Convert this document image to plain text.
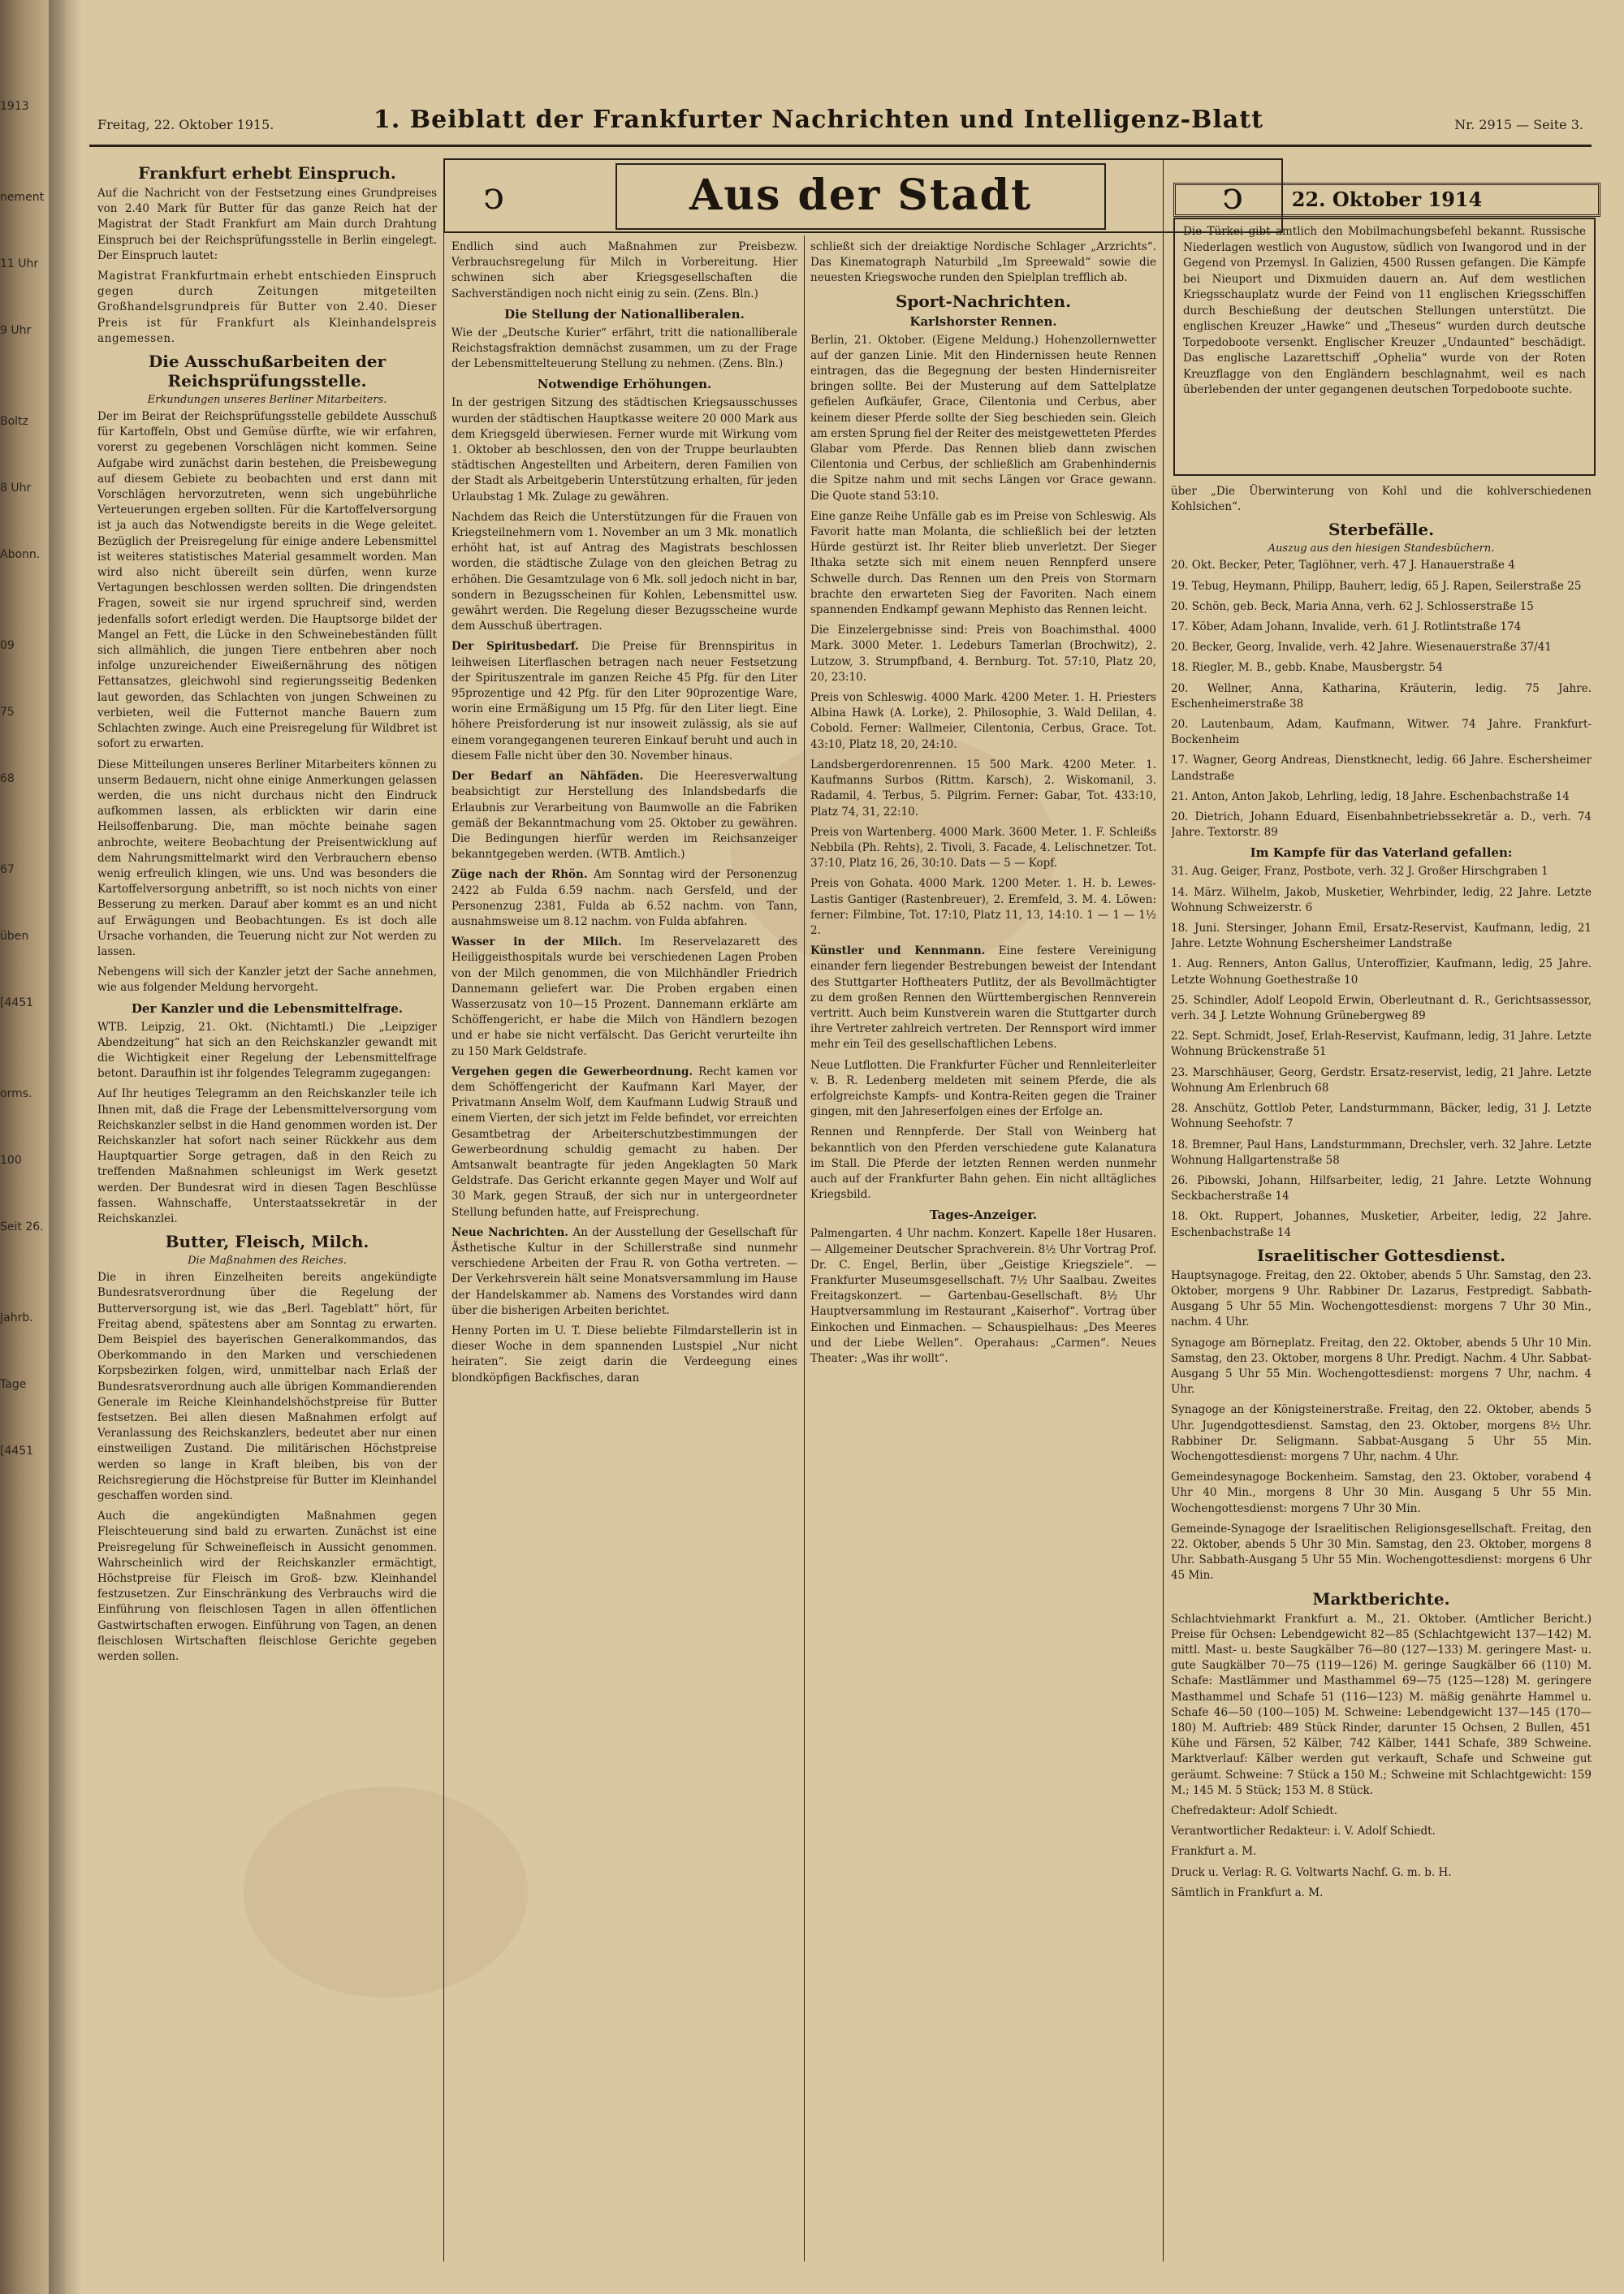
1913
nement
11 Uhr
9 Uhr
Boltz
8 Uhr
Abonn.
09
75
68
67
üben
[4451
orms.
100
Seit 26.
Jahrb.
Tage
[4451
Freitag, 22. Oktober 1915.	1. Beiblatt der Frankfurter Nachrichten und Intelligenz-Blatt	Nr. 2915 — Seite 3.
ↄ	Aus der Stadt	ↄ
Frankfurt erhebt Einspruch.

Auf die Nachricht von der Festsetzung eines Grundpreises von 2.40 Mark für Butter für das ganze Reich hat der Magistrat der Stadt Frankfurt am Main durch Drahtung Einspruch bei der Reichsprüfungsstelle in Berlin eingelegt. Der Einspruch lautet:

Magistrat Frankfurtmain erhebt entschieden Einspruch gegen durch Zeitungen mitgeteilten Großhandelsgrundpreis für Butter von 2.40. Dieser Preis ist für Frankfurt als Kleinhandelspreis angemessen.

Die Ausschußarbeiten der Reichsprüfungsstelle.
Erkundungen unseres Berliner Mitarbeiters.

Der im Beirat der Reichsprüfungsstelle gebildete Ausschuß für Kartoffeln, Obst und Gemüse dürfte, wie wir erfahren, vorerst zu gegebenen Vorschlägen nicht kommen. Seine Aufgabe wird zunächst darin bestehen, die Preisbewegung auf diesem Gebiete zu beobachten und erst dann mit Vorschlägen hervorzutreten, wenn sich ungebührliche Verteuerungen ergeben sollten. Für die Kartoffelversorgung ist ja auch das Notwendigste bereits in die Wege geleitet. Bezüglich der Preisregelung für einige andere Lebensmittel ist weiteres statistisches Material gesammelt worden. Man wird also nicht übereilt sein dürfen, wenn kurze Vertagungen beschlossen werden sollten. Die dringendsten Fragen, soweit sie nur irgend spruchreif sind, werden jedenfalls sofort erledigt werden. Die Hauptsorge bildet der Mangel an Fett, die Lücke in den Schweinebeständen füllt sich allmählich, die jungen Tiere entbehren aber noch infolge unzureichender Eiweißernährung des nötigen Fettansatzes, gleichwohl sind regierungsseitig Bedenken laut geworden, das Schlachten von jungen Schweinen zu verbieten, weil die Futternot manche Bauern zum Schlachten zwinge. Auch eine Preisregelung für Wildbret ist sofort zu erwarten.

Diese Mitteilungen unseres Berliner Mitarbeiters können zu unserm Bedauern, nicht ohne einige Anmerkungen gelassen werden, die uns nicht durchaus nicht den Eindruck aufkommen lassen, als erblickten wir darin eine Heilsoffenbarung. Die, man möchte beinahe sagen anbrochte, weitere Beobachtung der Preisentwicklung auf dem Nahrungsmittelmarkt wird den Verbrauchern ebenso wenig erfreulich klingen, wie uns. Und was besonders die Kartoffelversorgung anbetrifft, so ist noch nichts von einer Besserung zu merken. Darauf aber kommt es an und nicht auf Erwägungen und Beobachtungen. Es ist doch alle Ursache vorhanden, die Teuerung nicht zur Not werden zu lassen.

Nebengens will sich der Kanzler jetzt der Sache annehmen, wie aus folgender Meldung hervorgeht.

Der Kanzler und die Lebensmittelfrage.

WTB. Leipzig, 21. Okt. (Nichtamtl.) Die „Leipziger Abendzeitung“ hat sich an den Reichskanzler gewandt mit die Wichtigkeit einer Regelung der Lebensmittelfrage betont. Daraufhin ist ihr folgendes Telegramm zugegangen:

Auf Ihr heutiges Telegramm an den Reichskanzler teile ich Ihnen mit, daß die Frage der Lebensmittelversorgung vom Reichskanzler selbst in die Hand genommen worden ist. Der Reichskanzler hat sofort nach seiner Rückkehr aus dem Hauptquartier Sorge getragen, daß in den Reich zu treffenden Maßnahmen schleunigst im Werk gesetzt werden. Der Bundesrat wird in diesen Tagen Beschlüsse fassen. Wahnschaffe, Unterstaatssekretär in der Reichskanzlei.

Butter, Fleisch, Milch.
Die Maßnahmen des Reiches.

Die in ihren Einzelheiten bereits angekündigte Bundesratsverordnung über die Regelung der Butterversorgung ist, wie das „Berl. Tageblatt“ hört, für Freitag abend, spätestens aber am Sonntag zu erwarten. Dem Beispiel des bayerischen Generalkommandos, das Oberkommando in den Marken und verschiedenen Korpsbezirken folgen, wird, unmittelbar nach Erlaß der Bundesratsverordnung auch alle übrigen Kommandierenden Generale im Reiche Kleinhandelshöchstpreise für Butter festsetzen. Bei allen diesen Maßnahmen erfolgt auf Veranlassung des Reichskanzlers, bedeutet aber nur einen einstweiligen Zustand. Die militärischen Höchstpreise werden so lange in Kraft bleiben, bis von der Reichsregierung die Höchstpreise für Butter im Kleinhandel geschaffen worden sind.

Auch die angekündigten Maßnahmen gegen Fleischteuerung sind bald zu erwarten. Zunächst ist eine Preisregelung für Schweinefleisch in Aussicht genommen. Wahrscheinlich wird der Reichskanzler ermächtigt, Höchstpreise für Fleisch im Groß- bzw. Kleinhandel festzusetzen. Zur Einschränkung des Verbrauchs wird die Einführung von fleischlosen Tagen in allen öffentlichen Gastwirtschaften erwogen. Einführung von Tagen, an denen fleischlosen Wirtschaften fleischlose Gerichte gegeben werden sollen.

Endlich sind auch Maßnahmen zur Preisbezw. Verbrauchsregelung für Milch in Vorbereitung. Hier schwinen sich aber Kriegsgesellschaften die Sachverständigen noch nicht einig zu sein. (Zens. Bln.)

Die Stellung der Nationalliberalen.

Wie der „Deutsche Kurier“ erfährt, tritt die nationalliberale Reichstagsfraktion demnächst zusammen, um zu der Frage der Lebensmittelteuerung Stellung zu nehmen. (Zens. Bln.)

Notwendige Erhöhungen.

In der gestrigen Sitzung des städtischen Kriegsausschusses wurden der städtischen Hauptkasse weitere 20 000 Mark aus dem Kriegsgeld überwiesen. Ferner wurde mit Wirkung vom 1. Oktober ab beschlossen, den von der Truppe beurlaubten städtischen Angestellten und Arbeitern, deren Familien von der Stadt als Arbeitgeberin Unterstützung erhalten, für jeden Urlaubstag 1 Mk. Zulage zu gewähren.

Nachdem das Reich die Unterstützungen für die Frauen von Kriegsteilnehmern vom 1. November an um 3 Mk. monatlich erhöht hat, ist auf Antrag des Magistrats beschlossen worden, die städtische Zulage von den gleichen Betrag zu erhöhen. Die Gesamtzulage von 6 Mk. soll jedoch nicht in bar, sondern in Bezugsscheinen für Kohlen, Lebensmittel usw. gewährt werden. Die Regelung dieser Bezugsscheine wurde dem Ausschuß übertragen.

Der Spiritusbedarf. Die Preise für Brennspiritus in leihweisen Literflaschen betragen nach neuer Festsetzung der Spirituszentrale im ganzen Reiche 45 Pfg. für den Liter 95prozentige und 42 Pfg. für den Liter 90prozentige Ware, worin eine Ermäßigung um 15 Pfg. für den Liter liegt. Eine höhere Preisforderung ist nur insoweit zulässig, als sie auf einem vorangegangenen teureren Einkauf beruht und auch in diesem Falle nicht über den 30. November hinaus.

Der Bedarf an Nähfäden. Die Heeresverwaltung beabsichtigt zur Herstellung des Inlandsbedarfs die Erlaubnis zur Verarbeitung von Baumwolle an die Fabriken gemäß der Bekanntmachung vom 25. Oktober zu gewähren. Die Bedingungen hierfür werden im Reichsanzeiger bekanntgegeben werden. (WTB. Amtlich.)

Züge nach der Rhön. Am Sonntag wird der Personenzug 2422 ab Fulda 6.59 nachm. nach Gersfeld, und der Personenzug 2381, Fulda ab 6.52 nachm. von Tann, ausnahmsweise um 8.12 nachm. von Fulda abfahren.

Wasser in der Milch. Im Reservelazarett des Heiliggeisthospitals wurde bei verschiedenen Lagen Proben von der Milch genommen, die von Milchhändler Friedrich Dannemann geliefert war. Die Proben ergaben einen Wasserzusatz von 10—15 Prozent. Dannemann erklärte am Schöffengericht, er habe die Milch von Händlern bezogen und er habe sie nicht verfälscht. Das Gericht verurteilte ihn zu 150 Mark Geldstrafe.

Vergehen gegen die Gewerbeordnung. Recht kamen vor dem Schöffengericht der Kaufmann Karl Mayer, der Privatmann Anselm Wolf, dem Kaufmann Ludwig Strauß und einem Vierten, der sich jetzt im Felde befindet, vor erreichten Gesamtbetrag der Arbeiterschutzbestimmungen der Gewerbeordnung schuldig gemacht zu haben. Der Amtsanwalt beantragte für jeden Angeklagten 50 Mark Geldstrafe. Das Gericht erkannte gegen Mayer und Wolf auf 30 Mark, gegen Strauß, der sich nur in untergeordneter Stellung befunden hatte, auf Freisprechung.

Neue Nachrichten. An der Ausstellung der Gesellschaft für Ästhetische Kultur in der Schillerstraße sind nunmehr verschiedene Arbeiten der Frau R. von Gotha vertreten. — Der Verkehrsverein hält seine Monatsversammlung im Hause der Handelskammer ab. Namens des Vorstandes wird dann über die bisherigen Arbeiten berichtet.

Henny Porten im U. T. Diese beliebte Filmdarstellerin ist in dieser Woche in dem spannenden Lustspiel „Nur nicht heiraten“. Sie zeigt darin die Verdeegung eines blondköpfigen Backfisches, daran

schließt sich der dreiaktige Nordische Schlager „Arzrichts“. Das Kinematograph Naturbild „Im Spreewald“ sowie die neuesten Kriegswoche runden den Spielplan trefflich ab.

Sport-Nachrichten.
Karlshorster Rennen.

Berlin, 21. Oktober. (Eigene Meldung.) Hohenzollernwetter auf der ganzen Linie. Mit den Hindernissen heute Rennen eintragen, das die Begegnung der besten Hindernisreiter bringen sollte. Bei der Musterung auf dem Sattelplatze gefielen Aufkäufer, Grace, Cilentonia und Cerbus, aber keinem dieser Pferde sollte der Sieg beschieden sein. Gleich am ersten Sprung fiel der Reiter des meistgewetteten Pferdes Glabar vom Pferde. Das Rennen blieb dann zwischen Cilentonia und Cerbus, der schließlich am Grabenhindernis die Spitze nahm und mit sechs Längen vor Grace gewann. Die Quote stand 53:10.

Eine ganze Reihe Unfälle gab es im Preise von Schleswig. Als Favorit hatte man Molanta, die schließlich bei der letzten Hürde gestürzt ist. Ihr Reiter blieb unverletzt. Der Sieger Ithaka setzte sich mit einem neuen Rennpferd unsere Schwelle durch. Das Rennen um den Preis von Stormarn brachte den erwarteten Sieg der Favoriten. Nach einem spannenden Endkampf gewann Mephisto das Rennen leicht.

Die Einzelergebnisse sind: Preis von Boachimsthal. 4000 Mark. 3000 Meter. 1. Ledeburs Tamerlan (Brochwitz), 2. Lutzow, 3. Strumpfband, 4. Bernburg. Tot. 57:10, Platz 20, 20, 23:10.

Preis von Schleswig. 4000 Mark. 4200 Meter. 1. H. Priesters Albina Hawk (A. Lorke), 2. Philosophie, 3. Wald Delilan, 4. Cobold. Ferner: Wallmeier, Cilentonia, Cerbus, Grace. Tot. 43:10, Platz 18, 20, 24:10.

Landsbergerdorenrennen. 15 500 Mark. 4200 Meter. 1. Kaufmanns Surbos (Rittm. Karsch), 2. Wiskomanil, 3. Radamil, 4. Terbus, 5. Pilgrim. Ferner: Gabar, Tot. 433:10, Platz 74, 31, 22:10.

Preis von Wartenberg. 4000 Mark. 3600 Meter. 1. F. Schleißs Nebbila (Ph. Rehts), 2. Tivoli, 3. Facade, 4. Lelischnetzer. Tot. 37:10, Platz 16, 26, 30:10. Dats — 5 — Kopf.

Preis von Gohata. 4000 Mark. 1200 Meter. 1. H. b. Lewes-Lastis Gantiger (Rastenbreuer), 2. Eremfeld, 3. M. 4. Löwen: ferner: Filmbine, Tot. 17:10, Platz 11, 13, 14:10. 1 — 1 — 1½ 2.

Künstler und Kennmann. Eine festere Vereinigung einander fern liegender Bestrebungen beweist der Intendant des Stuttgarter Hoftheaters Putlitz, der als Bevollmächtigter zu dem großen Rennen den Württembergischen Rennverein vertritt. Auch beim Kunstverein waren die Stuttgarter durch ihre Vertreter zahlreich vertreten. Der Rennsport wird immer mehr ein Teil des gesellschaftlichen Lebens.

Neue Lutflotten. Die Frankfurter Fücher und Rennleiterleiter v. B. R. Ledenberg meldeten mit seinem Pferde, die als erfolgreichste Kampfs- und Kontra-Reiten gegen die Trainer gingen, mit den Jahreserfolgen eines der Erfolge an.

Rennen und Rennpferde. Der Stall von Weinberg hat bekanntlich von den Pferden verschiedene gute Kalanatura im Stall. Die Pferde der letzten Rennen werden nunmehr auch auf der Frankfurter Bahn gehen. Ein nicht alltägliches Kriegsbild.

Tages-Anzeiger.

Palmengarten. 4 Uhr nachm. Konzert. Kapelle 18er Husaren. — Allgemeiner Deutscher Sprachverein. 8½ Uhr Vortrag Prof. Dr. C. Engel, Berlin, über „Geistige Kriegsziele“. — Frankfurter Museumsgesellschaft. 7½ Uhr Saalbau. Zweites Freitagskonzert. — Gartenbau-Gesellschaft. 8½ Uhr Hauptversammlung im Restaurant „Kaiserhof“. Vortrag über Einkochen und Einmachen. — Schauspielhaus: „Des Meeres und der Liebe Wellen“. Operahaus: „Carmen“. Neues Theater: „Was ihr wollt“.

22. Oktober 1914

Die Türkei gibt amtlich den Mobilmachungsbefehl bekannt. Russische Niederlagen westlich von Augustow, südlich von Iwangorod und in der Gegend von Przemysl. In Galizien, 4500 Russen gefangen. Die Kämpfe bei Nieuport und Dixmuiden dauern an. Auf dem westlichen Kriegsschauplatz wurde der Feind von 11 englischen Kriegsschiffen durch Beschießung der deutschen Stellungen unterstützt. Die englischen Kreuzer „Hawke“ und „Theseus“ wurden durch deutsche Torpedoboote versenkt. Englischer Kreuzer „Undaunted“ beschädigt. Das englische Lazarettschiff „Ophelia“ wurde von der Roten Kreuzflagge von den Engländern beschlagnahmt, weil es nach überlebenden der unter gegangenen deutschen Torpedoboote suchte.

über „Die Überwinterung von Kohl und die kohlverschiedenen Kohlsichen“.

Sterbefälle.
Auszug aus den hiesigen Standesbüchern.

20. Okt. Becker, Peter, Taglöhner, verh. 47 J. Hanauerstraße 4

19. Tebug, Heymann, Philipp, Bauherr, ledig, 65 J. Rapen, Seilerstraße 25

20. Schön, geb. Beck, Maria Anna, verh. 62 J. Schlosserstraße 15

17. Köber, Adam Johann, Invalide, verh. 61 J. Rotlintstraße 174

20. Becker, Georg, Invalide, verh. 42 Jahre. Wiesenauerstraße 37/41

18. Riegler, M. B., gebb. Knabe, Mausbergstr. 54

20. Wellner, Anna, Katharina, Kräuterin, ledig. 75 Jahre. Eschenheimerstraße 38

20. Lautenbaum, Adam, Kaufmann, Witwer. 74 Jahre. Frankfurt-Bockenheim

17. Wagner, Georg Andreas, Dienstknecht, ledig. 66 Jahre. Eschersheimer Landstraße

21. Anton, Anton Jakob, Lehrling, ledig, 18 Jahre. Eschenbachstraße 14

20. Dietrich, Johann Eduard, Eisenbahnbetriebssekretär a. D., verh. 74 Jahre. Textorstr. 89

Im Kampfe für das Vaterland gefallen:

31. Aug. Geiger, Franz, Postbote, verh. 32 J. Großer Hirschgraben 1

14. März. Wilhelm, Jakob, Musketier, Wehrbinder, ledig, 22 Jahre. Letzte Wohnung Schweizerstr. 6

18. Juni. Stersinger, Johann Emil, Ersatz-Reservist, Kaufmann, ledig, 21 Jahre. Letzte Wohnung Eschersheimer Landstraße

1. Aug. Renners, Anton Gallus, Unteroffizier, Kaufmann, ledig, 25 Jahre. Letzte Wohnung Goethestraße 10

25. Schindler, Adolf Leopold Erwin, Oberleutnant d. R., Gerichtsassessor, verh. 34 J. Letzte Wohnung Grünebergweg 89

22. Sept. Schmidt, Josef, Erlah-Reservist, Kaufmann, ledig, 31 Jahre. Letzte Wohnung Brückenstraße 51

23. Marschhäuser, Georg, Gerdstr. Ersatz-reservist, ledig, 21 Jahre. Letzte Wohnung Am Erlenbruch 68

28. Anschütz, Gottlob Peter, Landsturmmann, Bäcker, ledig, 31 J. Letzte Wohnung Seehofstr. 7

18. Bremner, Paul Hans, Landsturmmann, Drechsler, verh. 32 Jahre. Letzte Wohnung Hallgartenstraße 58

26. Pibowski, Johann, Hilfsarbeiter, ledig, 21 Jahre. Letzte Wohnung Seckbacherstraße 14

18. Okt. Ruppert, Johannes, Musketier, Arbeiter, ledig, 22 Jahre. Eschenbachstraße 14

Israelitischer Gottesdienst.

Hauptsynagoge. Freitag, den 22. Oktober, abends 5 Uhr. Samstag, den 23. Oktober, morgens 9 Uhr. Rabbiner Dr. Lazarus, Festpredigt. Sabbath-Ausgang 5 Uhr 55 Min. Wochengottesdienst: morgens 7 Uhr 30 Min., nachm. 4 Uhr.

Synagoge am Börneplatz. Freitag, den 22. Oktober, abends 5 Uhr 10 Min. Samstag, den 23. Oktober, morgens 8 Uhr. Predigt. Nachm. 4 Uhr. Sabbat-Ausgang 5 Uhr 55 Min. Wochengottesdienst: morgens 7 Uhr, nachm. 4 Uhr.

Synagoge an der Königsteinerstraße. Freitag, den 22. Oktober, abends 5 Uhr. Jugendgottesdienst. Samstag, den 23. Oktober, morgens 8½ Uhr. Rabbiner Dr. Seligmann. Sabbat-Ausgang 5 Uhr 55 Min. Wochengottesdienst: morgens 7 Uhr, nachm. 4 Uhr.

Gemeindesynagoge Bockenheim. Samstag, den 23. Oktober, vorabend 4 Uhr 40 Min., morgens 8 Uhr 30 Min. Ausgang 5 Uhr 55 Min. Wochengottesdienst: morgens 7 Uhr 30 Min.

Gemeinde-Synagoge der Israelitischen Religionsgesellschaft. Freitag, den 22. Oktober, abends 5 Uhr 30 Min. Samstag, den 23. Oktober, morgens 8 Uhr. Sabbath-Ausgang 5 Uhr 55 Min. Wochengottesdienst: morgens 6 Uhr 45 Min.

Marktberichte.

Schlachtviehmarkt Frankfurt a. M., 21. Oktober. (Amtlicher Bericht.) Preise für Ochsen: Lebendgewicht 82—85 (Schlachtgewicht 137—142) M. mittl. Mast- u. beste Saugkälber 76—80 (127—133) M. geringere Mast- u. gute Saugkälber 70—75 (119—126) M. geringe Saugkälber 66 (110) M. Schafe: Mastlämmer und Masthammel 69—75 (125—128) M. geringere Masthammel und Schafe 51 (116—123) M. mäßig genährte Hammel u. Schafe 46—50 (100—105) M. Schweine: Lebendgewicht 137—145 (170—180) M. Auftrieb: 489 Stück Rinder, darunter 15 Ochsen, 2 Bullen, 451 Kühe und Färsen, 52 Kälber, 742 Kälber, 1441 Schafe, 389 Schweine. Marktverlauf: Kälber werden gut verkauft, Schafe und Schweine gut geräumt. Schweine: 7 Stück a 150 M.; Schweine mit Schlachtgewicht: 159 M.; 145 M. 5 Stück; 153 M. 8 Stück.

Chefredakteur: Adolf Schiedt.

Verantwortlicher Redakteur: i. V. Adolf Schiedt.

Frankfurt a. M.

Druck u. Verlag: R. G. Voltwarts Nachf. G. m. b. H.

Sämtlich in Frankfurt a. M.
